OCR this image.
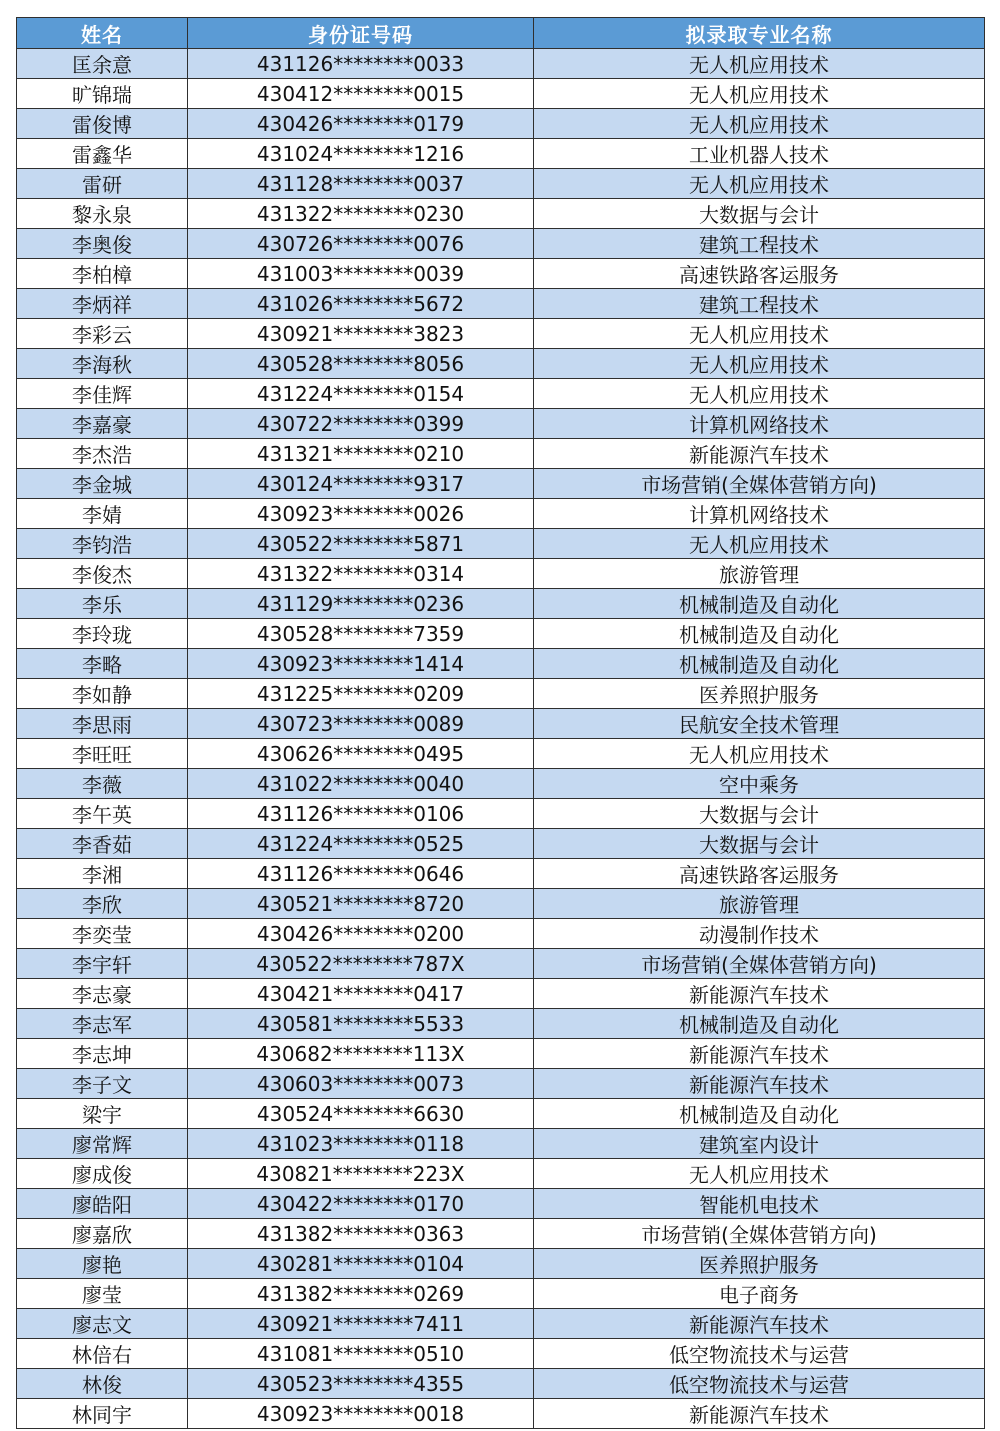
姓名	身份证号码	拟录取专业名称
匡余意	431126********0033	无人机应用技术
旷锦瑞	430412********0015	无人机应用技术
雷俊博	430426********0179	无人机应用技术
雷鑫华	431024********1216	工业机器人技术
雷研	431128********0037	无人机应用技术
黎永泉	431322********0230	大数据与会计
李奥俊	430726********0076	建筑工程技术
李柏樟	431003********0039	高速铁路客运服务
李炳祥	431026********5672	建筑工程技术
李彩云	430921********3823	无人机应用技术
李海秋	430528********8056	无人机应用技术
李佳辉	431224********0154	无人机应用技术
李嘉豪	430722********0399	计算机网络技术
李杰浩	431321********0210	新能源汽车技术
李金城	430124********9317	市场营销(全媒体营销方向)
李婧	430923********0026	计算机网络技术
李钧浩	430522********5871	无人机应用技术
李俊杰	431322********0314	旅游管理
李乐	431129********0236	机械制造及自动化
李玲珑	430528********7359	机械制造及自动化
李略	430923********1414	机械制造及自动化
李如静	431225********0209	医养照护服务
李思雨	430723********0089	民航安全技术管理
李旺旺	430626********0495	无人机应用技术
李薇	431022********0040	空中乘务
李午英	431126********0106	大数据与会计
李香茹	431224********0525	大数据与会计
李湘	431126********0646	高速铁路客运服务
李欣	430521********8720	旅游管理
李奕莹	430426********0200	动漫制作技术
李宇轩	430522********787X	市场营销(全媒体营销方向)
李志豪	430421********0417	新能源汽车技术
李志军	430581********5533	机械制造及自动化
李志坤	430682********113X	新能源汽车技术
李子文	430603********0073	新能源汽车技术
梁宇	430524********6630	机械制造及自动化
廖常辉	431023********0118	建筑室内设计
廖成俊	430821********223X	无人机应用技术
廖皓阳	430422********0170	智能机电技术
廖嘉欣	431382********0363	市场营销(全媒体营销方向)
廖艳	430281********0104	医养照护服务
廖莹	431382********0269	电子商务
廖志文	430921********7411	新能源汽车技术
林倍右	431081********0510	低空物流技术与运营
林俊	430523********4355	低空物流技术与运营
林同宇	430923********0018	新能源汽车技术
